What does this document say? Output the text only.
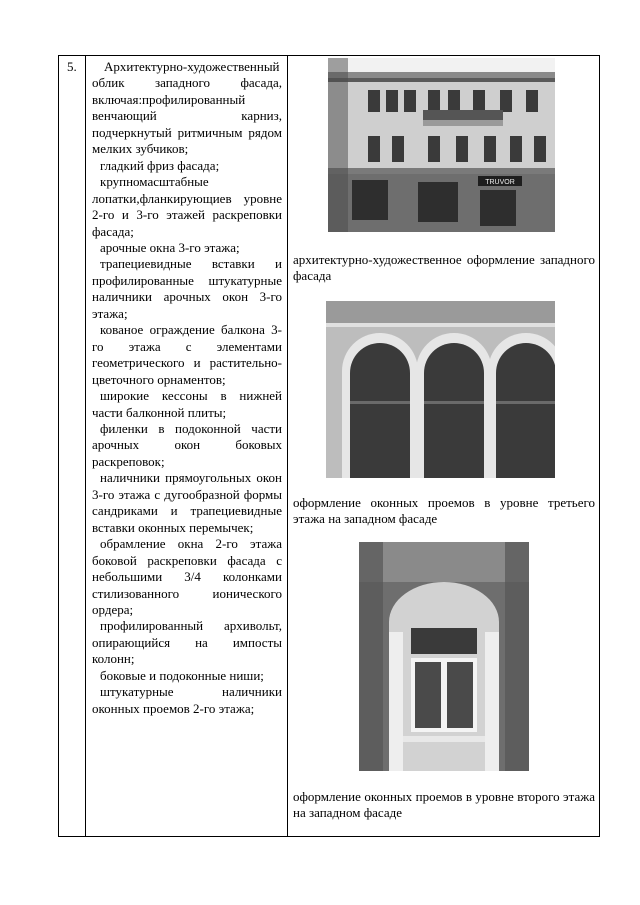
5.	Архитектурно-художественный облик западного фасада, включая:профилированный венчающий карниз, подчеркнутый ритмичным рядом мелких зубчиков;

гладкий фриз фасада;

крупномасштабные лопатки,фланкирующиев уровне 2-го и 3-го этажей раскреповки фасада;

арочные окна 3-го этажа;

трапециевидные вставки и профилированные штукатурные наличники арочных окон 3-го этажа;

кованое ограждение балкона 3-го этажа с элементами геометрического и растительно-цветочного орнаментов;

широкие кессоны в нижней части балконной плиты;

филенки в подоконной части арочных окон боковых раскреповок;

наличники прямоугольных окон 3-го этажа с дугообразной формы сандриками и трапециевидные вставки оконных перемычек;

обрамление окна 2-го этажа боковой раскреповки фасада с небольшими 3/4 колонками стилизованного ионического ордера;

профилированный архивольт, опирающийся на импосты колонн;

боковые и подоконные ниши;

штукатурные наличники оконных проемов 2-го этажа;

TRUVOR
архитектурно-художественное оформление западного фасада
оформление оконных проемов в уровне третьего этажа на западном фасаде
оформление оконных проемов в уровне второго этажа на западном фасаде
